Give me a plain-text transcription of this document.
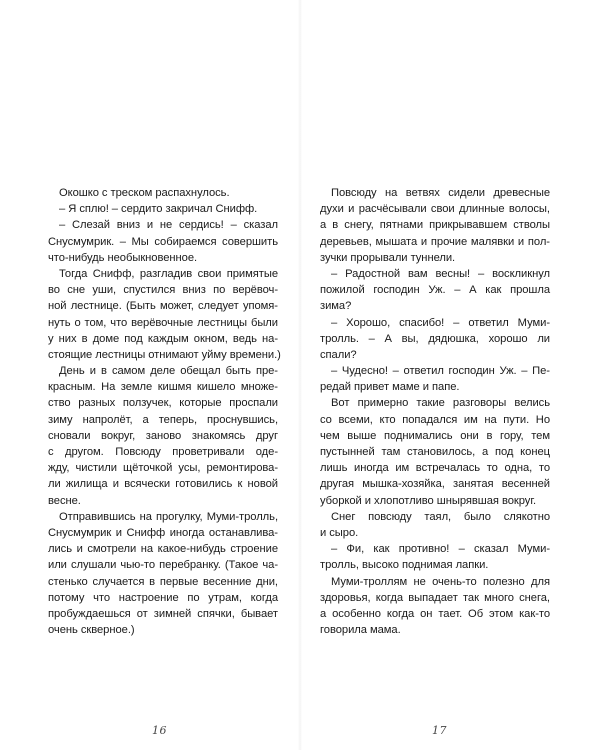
Окошко с треском распахнулось.
– Я сплю! – сердито закричал Снифф.
– Слезай вниз и не сердись! – сказал
Снусмумрик. – Мы собираемся совершить
что-нибудь необыкновенное.
Тогда Снифф, разгладив свои примятые
во сне уши, спустился вниз по верёвоч-
ной лестнице. (Быть может, следует упомя-
нуть о том, что верёвочные лестницы были
у них в доме под каждым окном, ведь на-
стоящие лестницы отнимают уйму времени.)
День и в самом деле обещал быть пре-
красным. На земле кишмя кишело множе-
ство разных ползучек, которые проспали
зиму напролёт, а теперь, проснувшись,
сновали вокруг, заново знакомясь друг
с другом. Повсюду проветривали оде-
жду, чистили щёточкой усы, ремонтирова-
ли жилища и всячески готовились к новой
весне.
Отправившись на прогулку, Муми-тролль,
Снусмумрик и Снифф иногда останавлива-
лись и смотрели на какое-нибудь строение
или слушали чью-то перебранку. (Такое ча-
стенько случается в первые весенние дни,
потому что настроение по утрам, когда
пробуждаешься от зимней спячки, бывает
очень скверное.)
Повсюду на ветвях сидели древесные
духи и расчёсывали свои длинные волосы,
а в снегу, пятнами прикрывавшем стволы
деревьев, мышата и прочие малявки и пол-
зучки прорывали туннели.
– Радостной вам весны! – воскликнул
пожилой господин Уж. – А как прошла
зима?
– Хорошо, спасибо! – ответил Муми-
тролль. – А вы, дядюшка, хорошо ли
спали?
– Чудесно! – ответил господин Уж. – Пе-
редай привет маме и папе.
Вот примерно такие разговоры велись
со всеми, кто попадался им на пути. Но
чем выше поднимались они в гору, тем
пустынней там становилось, а под конец
лишь иногда им встречалась то одна, то
другая мышка-хозяйка, занятая весенней
уборкой и хлопотливо шнырявшая вокруг.
Снег повсюду таял, было слякотно
и сыро.
– Фи, как противно! – сказал Муми-
тролль, высоко поднимая лапки.
Муми-троллям не очень-то полезно для
здоровья, когда выпадает так много снега,
а особенно когда он тает. Об этом как-то
говорила мама.
16	17
